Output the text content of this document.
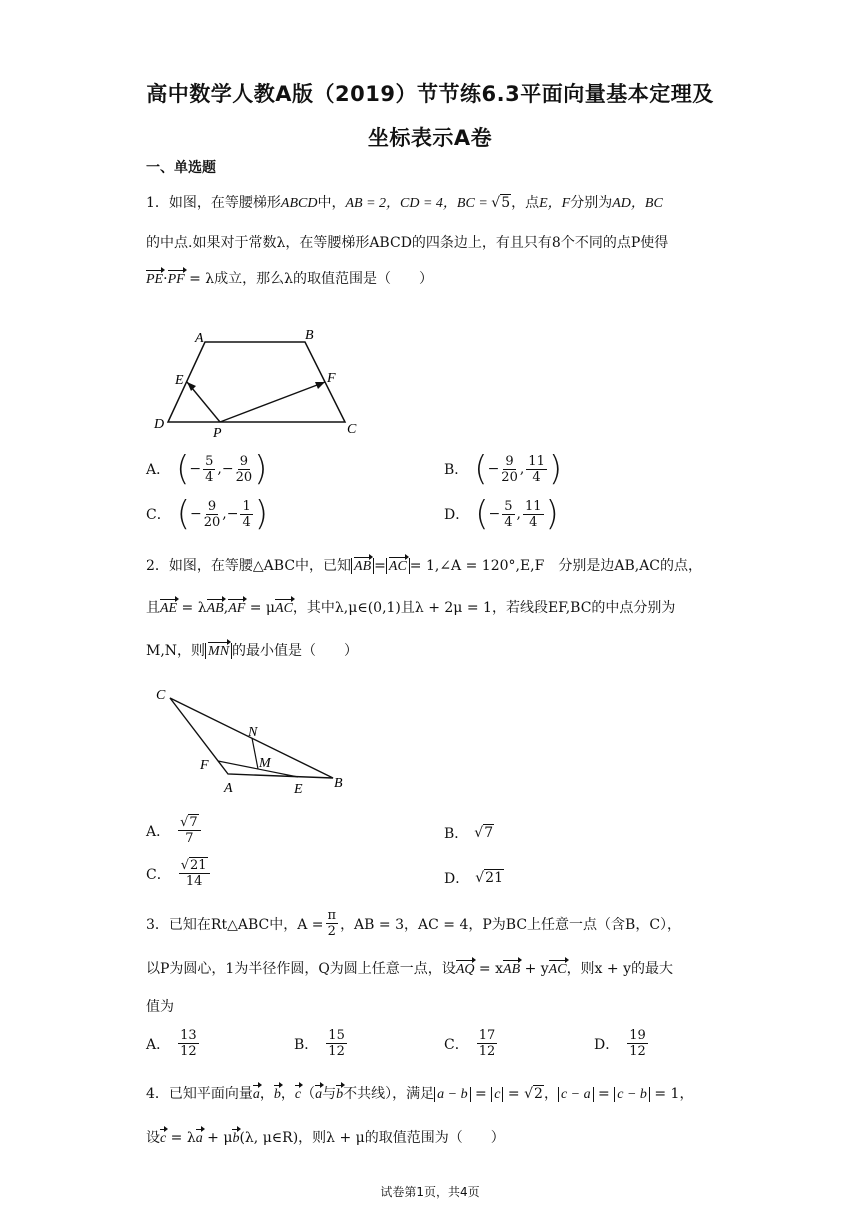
高中数学人教A版（2019）节节练6.3平面向量基本定理及
坐标表示A卷
一、单选题
1．如图，在等腰梯形ABCD中，AB = 2，CD = 4，BC = √5，点E，F分别为AD，BC
的中点.如果对于常数λ，在等腰梯形ABCD的四条边上，有且只有8个不同的点P使得
PE·PF = λ成立，那么λ的取值范围是（　　）
A	B
C
D
E	F
P
A． ( − $\frac{5}{4}$ , − $\frac{9}{20}$ )	B． ( − $\frac{9}{20}$ , $\frac{11}{4}$ )
C． ( − $\frac{9}{20}$ , − $\frac{1}{4}$ )	D． ( − $\frac{5}{4}$ , $\frac{11}{4}$ )
2．如图，在等腰△ABC中，已知 AB = AC = 1,∠A = 120°,E,F　分别是边AB,AC的点，
且AE = λAB,AF = μAC，其中λ,μ∈(0,1)且λ + 2μ = 1，若线段EF,BC的中点分别为
M,N，则 MN 的最小值是（　　）
C
B
A
F
E
N
M
A． $\frac{√7}{7}$	B． √7
C． $\frac{√21}{14}$	D． √21
3．已知在Rt△ABC中，$A = \frac{\pi}{2}$ ，AB = 3，AC = 4，P为BC上任意一点（含B，C），
以P为圆心，1为半径作圆，Q为圆上任意一点，设AQ = xAB + yAC，则x + y的最大
值为
A． $\frac{13}{12}$	B． $\frac{15}{12}$	C． $\frac{17}{12}$	D． $\frac{19}{12}$
4．已知平面向量a，b，c（a与b不共线），满足 a − b = c = √2， c − a = c − b = 1，
设c = λa + μb(λ, μ∈R)，则λ + μ的取值范围为（　　）
试卷第1页，共4页
